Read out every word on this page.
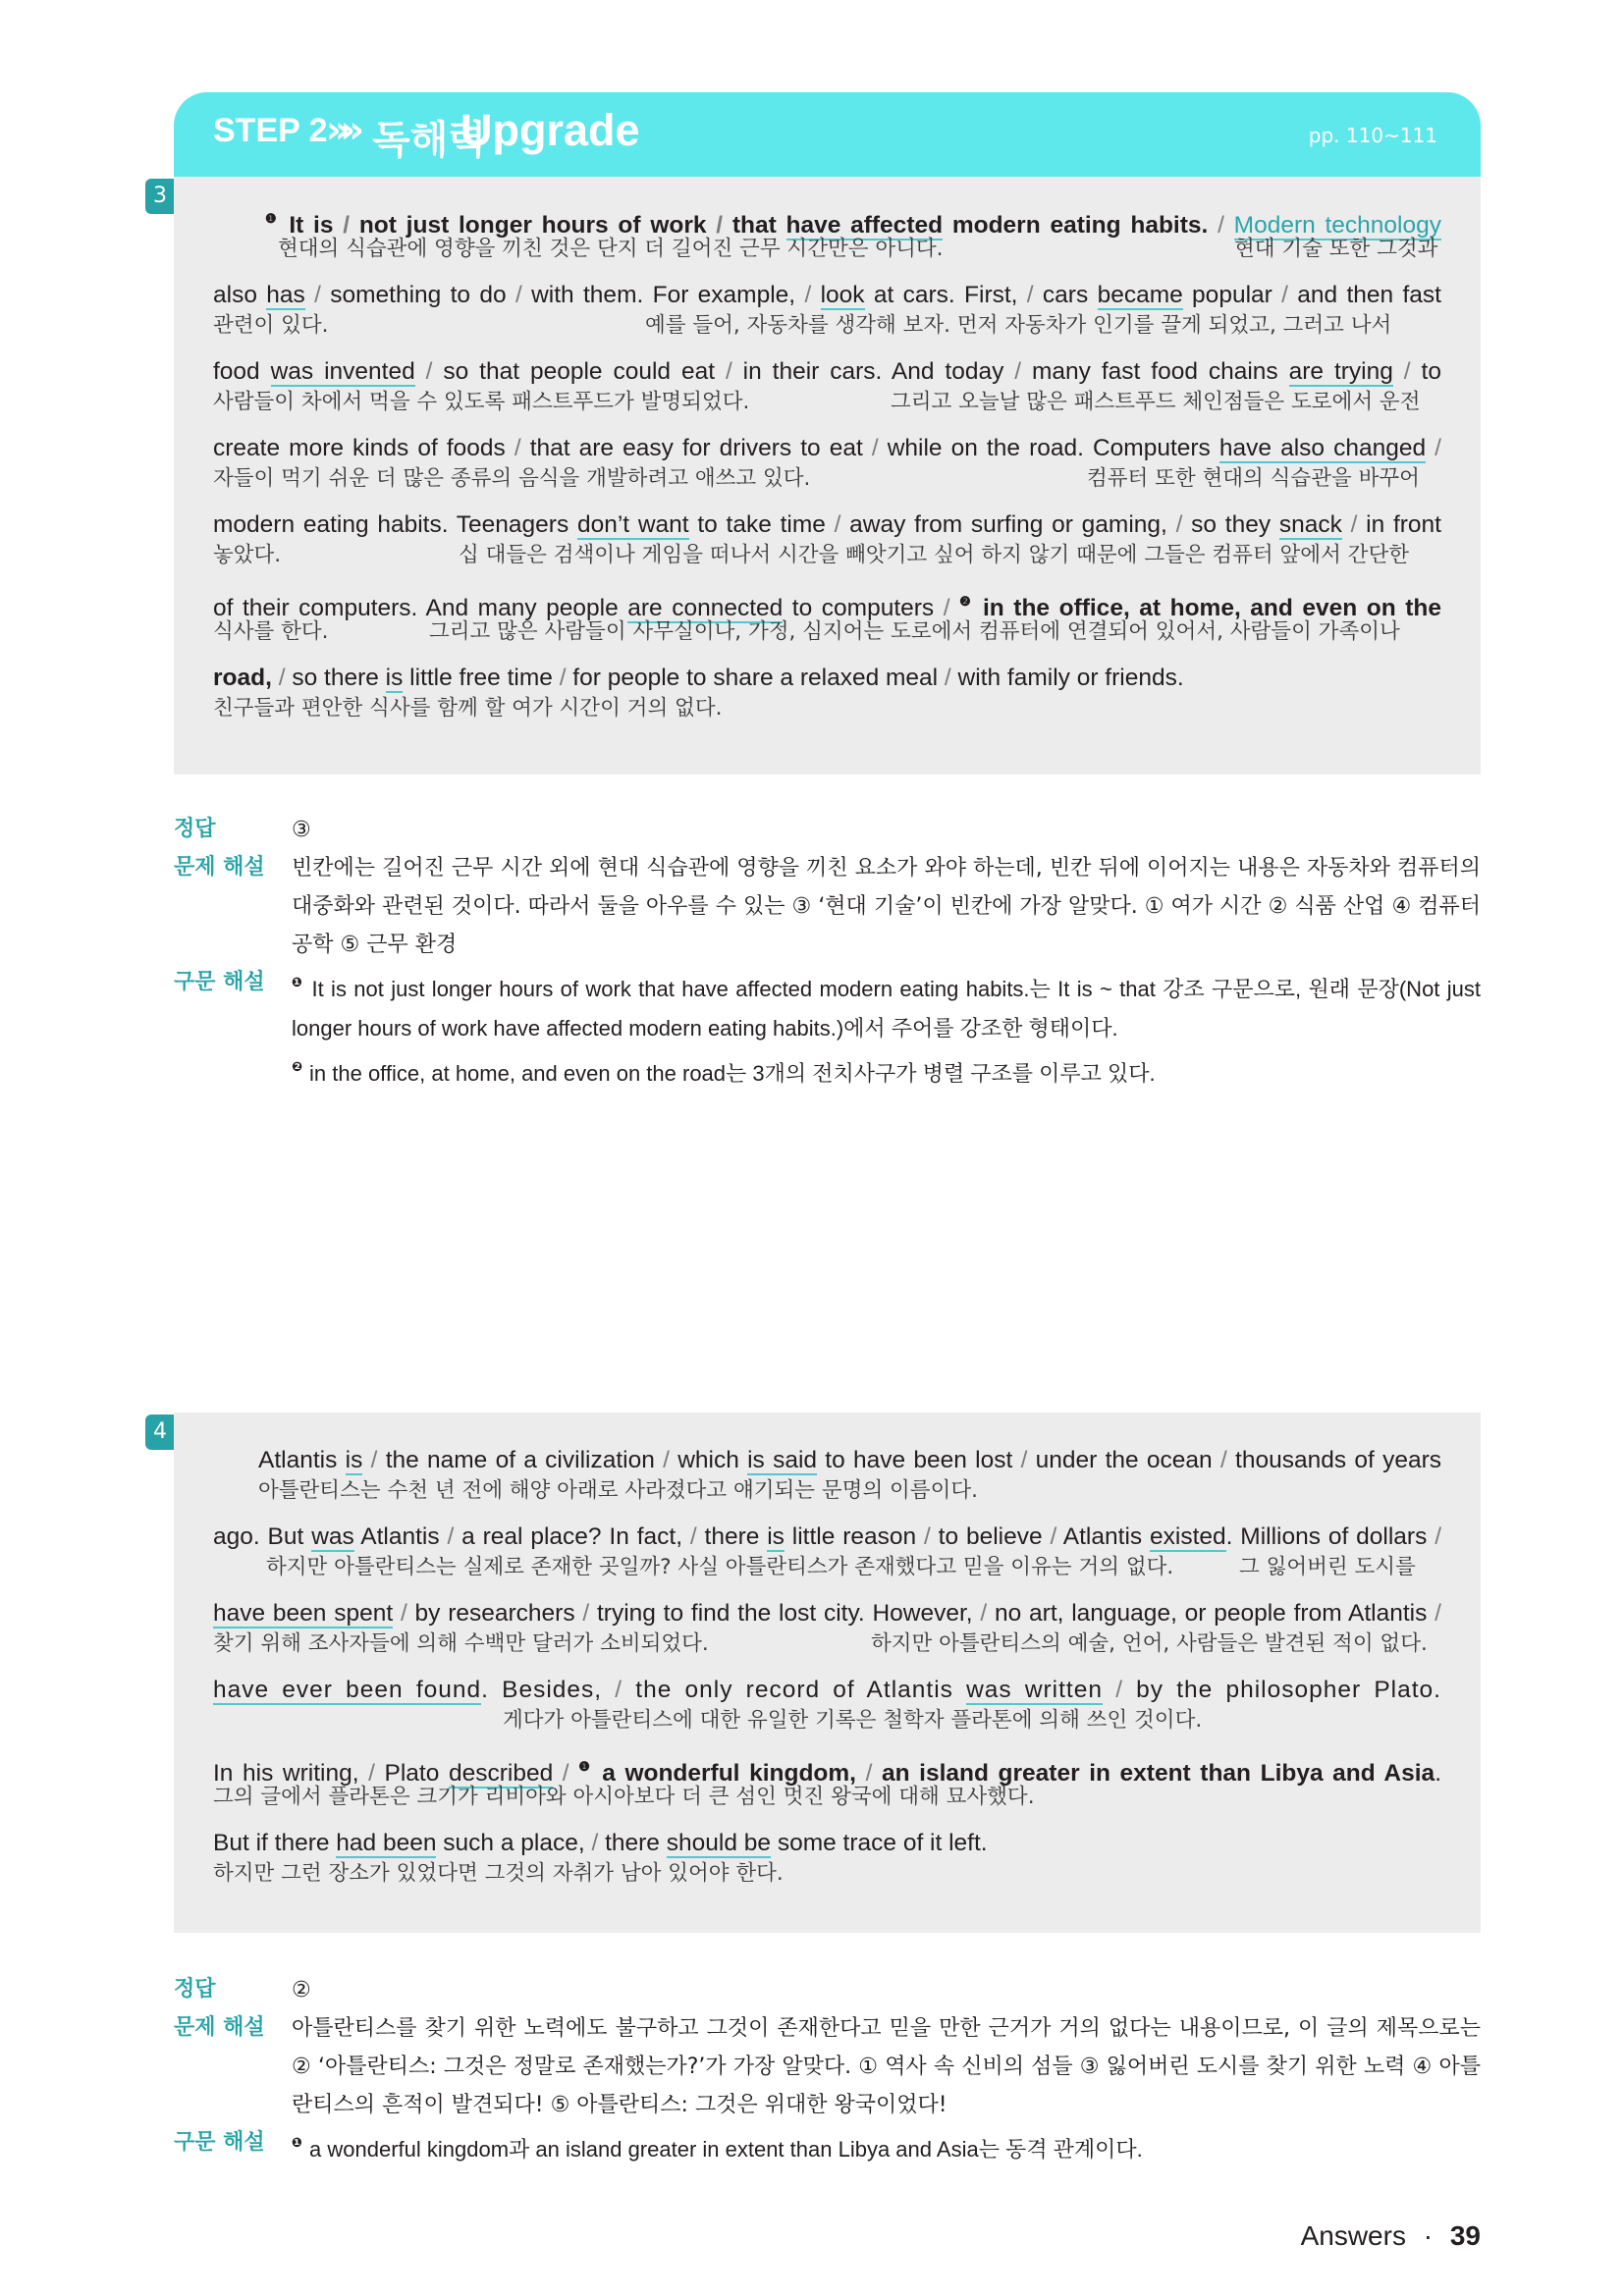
STEP 2
»» 독해력
Upgrade	pp. 110~111
3
$^❶$ It is / not just longer hours of work / that have affected modern eating habits. / Modern technology
현대의 식습관에 영향을 끼친 것은 단지 더 길어진 근무 시간만은 아니다.	현대 기술 또한 그것과
also has / something to do / with them. For example, / look at cars. First, / cars became popular / and then fast
관련이 있다.	예를 들어, 자동차를 생각해 보자. 먼저 자동차가 인기를 끌게 되었고, 그러고 나서
food was invented / so that people could eat / in their cars. And today / many fast food chains are trying / to
사람들이 차에서 먹을 수 있도록 패스트푸드가 발명되었다.	그리고 오늘날 많은 패스트푸드 체인점들은 도로에서 운전
create more kinds of foods / that are easy for drivers to eat / while on the road. Computers have also changed /
자들이 먹기 쉬운 더 많은 종류의 음식을 개발하려고 애쓰고 있다.	컴퓨터 또한 현대의 식습관을 바꾸어
modern eating habits. Teenagers don’t want to take time / away from surfing or gaming, / so they snack / in front
놓았다.	십 대들은 검색이나 게임을 떠나서 시간을 빼앗기고 싶어 하지 않기 때문에 그들은 컴퓨터 앞에서 간단한
of their computers. And many people are connected to computers / $^❷$ in the office, at home, and even on the
식사를 한다.	그리고 많은 사람들이 사무실이나, 가정, 심지어는 도로에서 컴퓨터에 연결되어 있어서, 사람들이 가족이나
road, / so there is little free time / for people to share a relaxed meal / with family or friends.
친구들과 편안한 식사를 함께 할 여가 시간이 거의 없다.
정답	③
문제 해설 빈칸에는 길어진 근무 시간 외에 현대 식습관에 영향을 끼친 요소가 와야 하는데, 빈칸 뒤에 이어지는 내용은 자동차와 컴퓨터의 대중화와 관련된 것이다. 따라서 둘을 아우를 수 있는 ③ ‘현대 기술’이 빈칸에 가장 알맞다. ① 여가 시간 ② 식품 산업 ④ 컴퓨터 공학 ⑤ 근무 환경
구문 해설 $^❶$ It is not just longer hours of work that have affected modern eating habits.는 It is ~ that 강조 구문으로, 원래 문장(Not just longer hours of work have affected modern eating habits.)에서 주어를 강조한 형태이다.
$^❷$ in the office, at home, and even on the road는 3개의 전치사구가 병렬 구조를 이루고 있다.
4
Atlantis is / the name of a civilization / which is said to have been lost / under the ocean / thousands of years
아틀란티스는 수천 년 전에 해양 아래로 사라졌다고 얘기되는 문명의 이름이다.
ago. But was Atlantis / a real place? In fact, / there is little reason / to believe / Atlantis existed. Millions of dollars /
하지만 아틀란티스는 실제로 존재한 곳일까? 사실 아틀란티스가 존재했다고 믿을 이유는 거의 없다.	그 잃어버린 도시를
have been spent / by researchers / trying to find the lost city. However, / no art, language, or people from Atlantis /
찾기 위해 조사자들에 의해 수백만 달러가 소비되었다.	하지만 아틀란티스의 예술, 언어, 사람들은 발견된 적이 없다.
have ever been found. Besides, / the only record of Atlantis was written / by the philosopher Plato.
게다가 아틀란티스에 대한 유일한 기록은 철학자 플라톤에 의해 쓰인 것이다.
In his writing, / Plato described / $^❶$ a wonderful kingdom, / an island greater in extent than Libya and Asia.
그의 글에서 플라톤은 크기가 리비아와 아시아보다 더 큰 섬인 멋진 왕국에 대해 묘사했다.
But if there had been such a place, / there should be some trace of it left.
하지만 그런 장소가 있었다면 그것의 자취가 남아 있어야 한다.
정답	②
문제 해설 아틀란티스를 찾기 위한 노력에도 불구하고 그것이 존재한다고 믿을 만한 근거가 거의 없다는 내용이므로, 이 글의 제목으로는 ② ‘아틀란티스: 그것은 정말로 존재했는가?’가 가장 알맞다. ① 역사 속 신비의 섬들 ③ 잃어버린 도시를 찾기 위한 노력 ④ 아틀란티스의 흔적이 발견되다! ⑤ 아틀란티스: 그것은 위대한 왕국이었다!
구문 해설 $^❶$ a wonderful kingdom과 an island greater in extent than Libya and Asia는 동격 관계이다.
Answers · 39
